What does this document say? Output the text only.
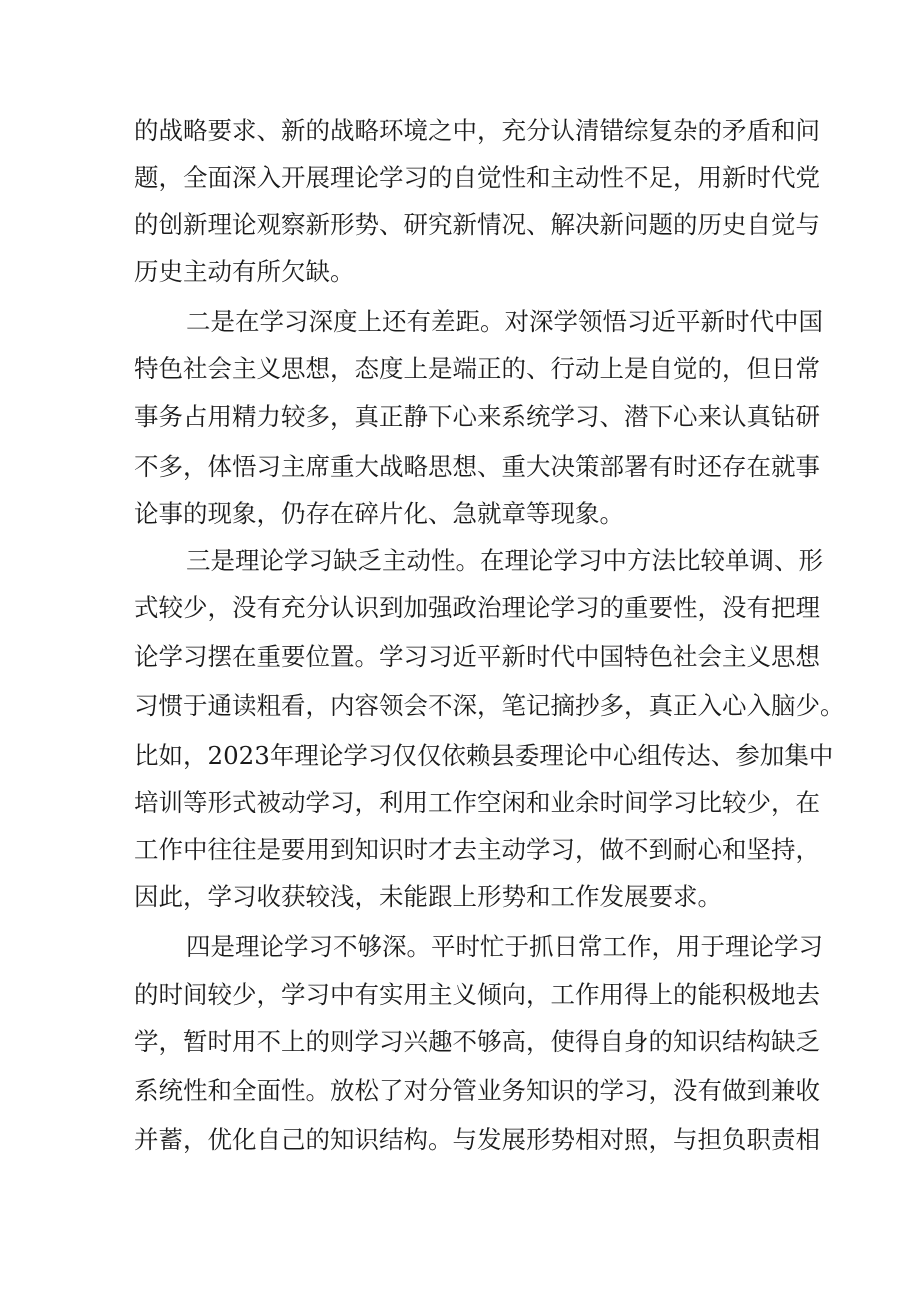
的战略要求、新的战略环境之中，充分认清错综复杂的矛盾和问
题，全面深入开展理论学习的自觉性和主动性不足，用新时代党
的创新理论观察新形势、研究新情况、解决新问题的历史自觉与
历史主动有所欠缺。
二是在学习深度上还有差距。对深学领悟习近平新时代中国
特色社会主义思想，态度上是端正的、行动上是自觉的，但日常
事务占用精力较多，真正静下心来系统学习、潜下心来认真钻研
不多，体悟习主席重大战略思想、重大决策部署有时还存在就事
论事的现象，仍存在碎片化、急就章等现象。
三是理论学习缺乏主动性。在理论学习中方法比较单调、形
式较少，没有充分认识到加强政治理论学习的重要性，没有把理
论学习摆在重要位置。学习习近平新时代中国特色社会主义思想
习惯于通读粗看，内容领会不深，笔记摘抄多，真正入心入脑少。
比如，2023年理论学习仅仅依赖县委理论中心组传达、参加集中
培训等形式被动学习，利用工作空闲和业余时间学习比较少，在
工作中往往是要用到知识时才去主动学习，做不到耐心和坚持，
因此，学习收获较浅，未能跟上形势和工作发展要求。
四是理论学习不够深。平时忙于抓日常工作，用于理论学习
的时间较少，学习中有实用主义倾向，工作用得上的能积极地去
学，暂时用不上的则学习兴趣不够高，使得自身的知识结构缺乏
系统性和全面性。放松了对分管业务知识的学习，没有做到兼收
并蓄，优化自己的知识结构。与发展形势相对照，与担负职责相
